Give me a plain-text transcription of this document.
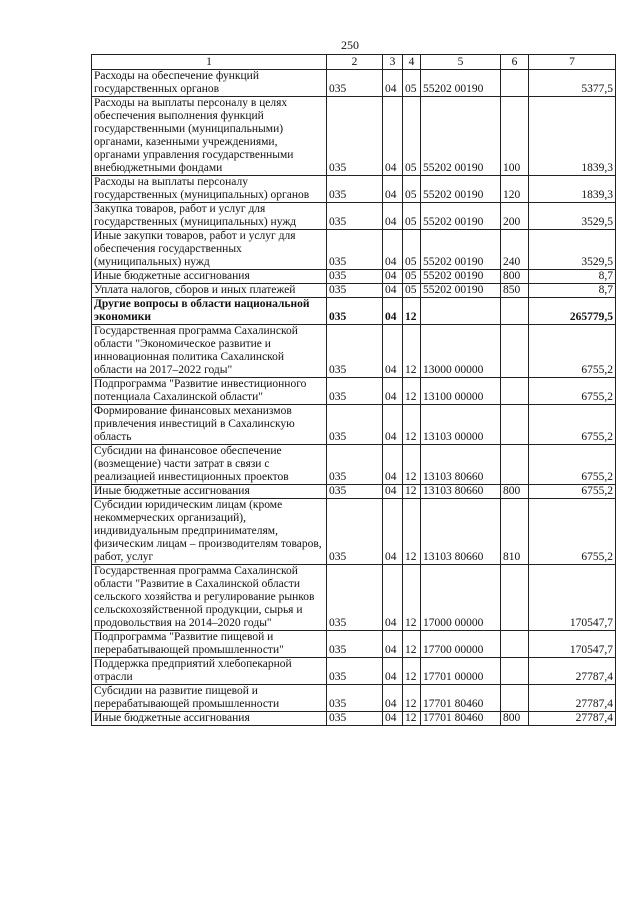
250
1	2	3	4	5	6	7
Расходы на обеспечение функций государственных органов	035	04	05	55202 00190		5377,5
Расходы на выплаты персоналу в целях обеспечения выполнения функций государственными (муниципальными) органами, казенными учреждениями, органами управления государственными внебюджетными фондами	035	04	05	55202 00190	100	1839,3
Расходы на выплаты персоналу государственных (муниципальных) органов	035	04	05	55202 00190	120	1839,3
Закупка товаров, работ и услуг для государственных (муниципальных) нужд	035	04	05	55202 00190	200	3529,5
Иные закупки товаров, работ и услуг для обеспечения государственных (муниципальных) нужд	035	04	05	55202 00190	240	3529,5
Иные бюджетные ассигнования	035	04	05	55202 00190	800	8,7
Уплата налогов, сборов и иных платежей	035	04	05	55202 00190	850	8,7
Другие вопросы в области национальной экономики	035	04	12			265779,5
Государственная программа Сахалинской области "Экономическое развитие и инновационная политика Сахалинской области на 2017–2022 годы"	035	04	12	13000 00000		6755,2
Подпрограмма "Развитие инвестиционного потенциала Сахалинской области"	035	04	12	13100 00000		6755,2
Формирование финансовых механизмов привлечения инвестиций в Сахалинскую область	035	04	12	13103 00000		6755,2
Субсидии на финансовое обеспечение (возмещение) части затрат в связи с реализацией инвестиционных проектов	035	04	12	13103 80660		6755,2
Иные бюджетные ассигнования	035	04	12	13103 80660	800	6755,2
Субсидии юридическим лицам (кроме некоммерческих организаций), индивидуальным предпринимателям, физическим лицам – производителям товаров, работ, услуг	035	04	12	13103 80660	810	6755,2
Государственная программа Сахалинской области "Развитие в Сахалинской области сельского хозяйства и регулирование рынков сельскохозяйственной продукции, сырья и продовольствия на 2014–2020 годы"	035	04	12	17000 00000		170547,7
Подпрограмма "Развитие пищевой и перерабатывающей промышленности"	035	04	12	17700 00000		170547,7
Поддержка предприятий хлебопекарной отрасли	035	04	12	17701 00000		27787,4
Субсидии на развитие пищевой и перерабатывающей промышленности	035	04	12	17701 80460		27787,4
Иные бюджетные ассигнования	035	04	12	17701 80460	800	27787,4
